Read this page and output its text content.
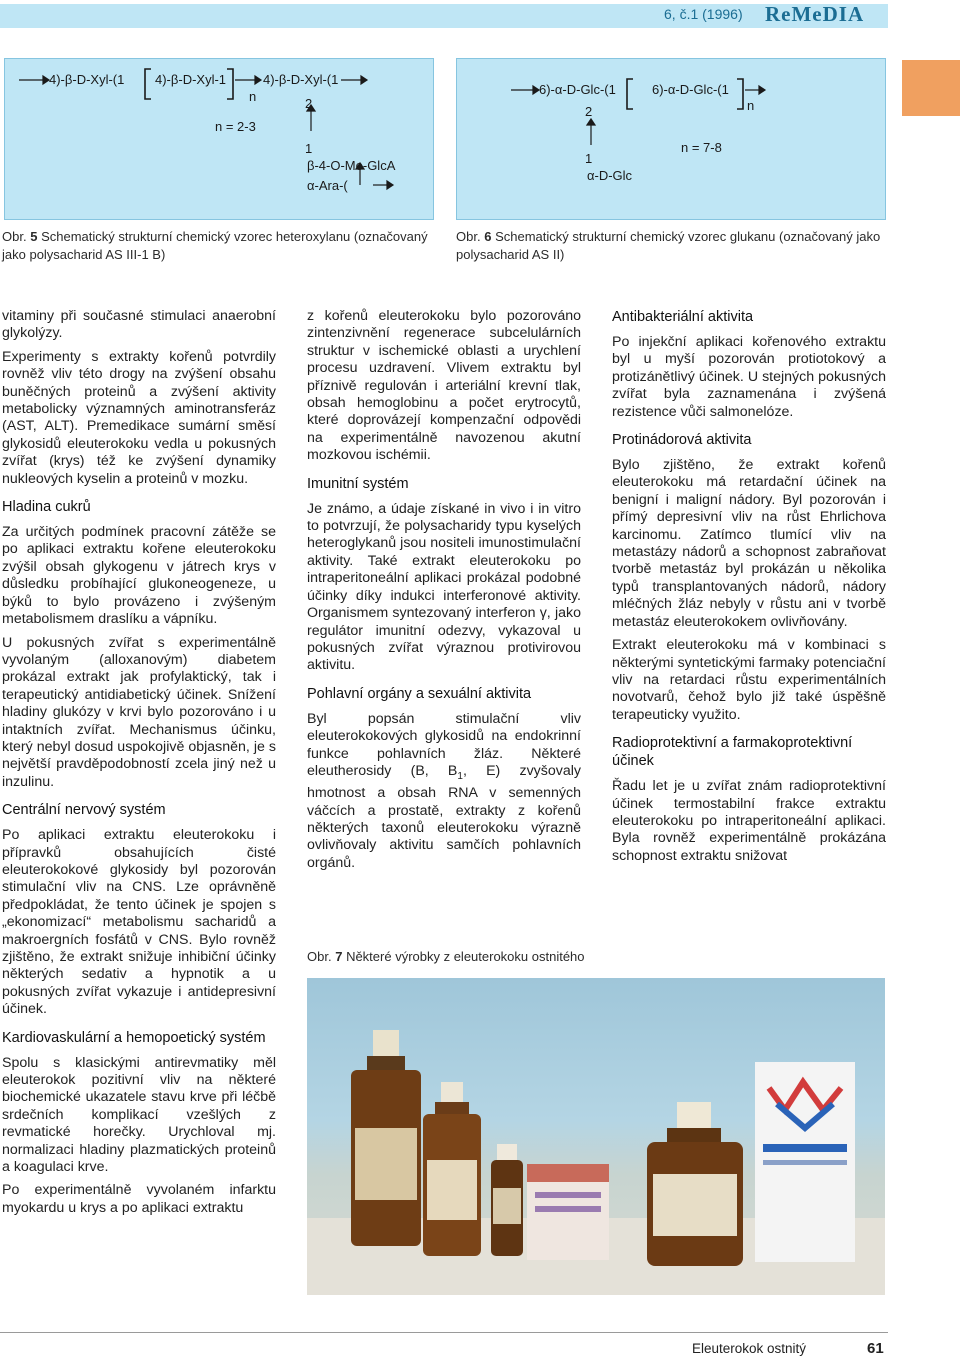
6, č.1 (1996) ReMeDIA
4)-β-D-Xyl-(1 4)-β-D-Xyl-1	4)-β-D-Xyl-(1
n	2
n = 2-3
1
β-4-O-Me-GlcA
α-Ara-(
6)-α-D-Glc-(1	6)-α-D-Glc-(1
n
2
n = 7-8
1
α-D-Glc
Obr. 5 Schematický strukturní chemický vzorec heteroxylanu (označovaný jako polysacharid AS III-1 B)
Obr. 6 Schematický strukturní chemický vzorec glukanu (označovaný jako polysacharid AS II)

vitaminy při současné stimulaci anaerobní glykolýzy.

Experimenty s extrakty kořenů potvrdily rovněž vliv této drogy na zvýšení obsahu buněčných proteinů a zvýšení aktivity metabolicky významných aminotransferáz (AST, ALT). Premedikace sumární směsí glykosidů eleuterokoku vedla u pokusných zvířat (krys) též ke zvýšení dynamiky nukleových kyselin a proteinů v mozku.

Hladina cukrů

Za určitých podmínek pracovní zátěže se po aplikaci extraktu kořene eleuterokoku zvýšil obsah glykogenu v játrech krys v důsledku probíhající glukoneogeneze, u býků to bylo provázeno i zvýšeným metabolismem draslíku a vápníku.

U pokusných zvířat s experimentálně vyvolaným (alloxanovým) diabetem prokázal extrakt jak profylaktický, tak i terapeutický antidiabetický účinek. Snížení hladiny glukózy v krvi bylo pozorováno i u intaktních zvířat. Mechanismus účinku, který nebyl dosud uspokojivě objasněn, je s největší pravděpodobností zcela jiný než u inzulinu.

Centrální nervový systém

Po aplikaci extraktu eleuterokoku i přípravků obsahujících čisté eleuterokokové glykosidy byl pozorován stimulační vliv na CNS. Lze oprávněně předpokládat, že tento účinek je spojen s „ekonomizací“ metabolismu sacharidů a makroergních fosfátů v CNS. Bylo rovněž zjištěno, že extrakt snižuje inhibiční účinky některých sedativ a hypnotik a u pokusných zvířat vykazuje i antidepresivní účinek.

Kardiovaskulární a hemopoetický systém

Spolu s klasickými antirevmatiky měl eleuterokok pozitivní vliv na některé biochemické ukazatele stavu krve při léčbě srdečních komplikací vzešlých z revmatické horečky. Urychloval mj. normalizaci hladiny plazmatických proteinů a koagulaci krve.

Po experimentálně vyvolaném infarktu myokardu u krys a po aplikaci extraktu

z kořenů eleuterokoku bylo pozorováno zintenzivnění regenerace subcelulárních struktur v ischemické oblasti a urychlení procesu uzdravení. Vlivem extraktu byl příznivě regulován i arteriální krevní tlak, obsah hemoglobinu a počet erytrocytů, které doprovázejí kompenzační odpovědi na experimentálně navozenou akutní mozkovou ischémii.

Imunitní systém

Je známo, a údaje získané in vivo i in vitro to potvrzují, že polysacharidy typu kyselých heteroglykanů jsou nositeli imunostimulační aktivity. Také extrakt eleuterokoku po intraperitoneální aplikaci prokázal podobné účinky díky indukci interferonové aktivity. Organismem syntezovaný interferon γ, jako regulátor imunitní odezvy, vykazoval u pokusných zvířat výraznou protivirovou aktivitu.

Pohlavní orgány a sexuální aktivita

Byl popsán stimulační vliv eleuterokokových glykosidů na endokrinní funkce pohlavních žláz. Některé eleutherosidy (B, $B_1$, E) zvyšovaly hmotnost a obsah RNA v semenných váčcích a prostatě, extrakty z kořenů některých taxonů eleuterokoku výrazně ovlivňovaly aktivitu samčích pohlavních orgánů.

Antibakteriální aktivita

Po injekční aplikaci kořenového extraktu byl u myší pozorován protiotokový a protizánětlivý účinek. U stejných pokusných zvířat byla zaznamenána i zvýšená rezistence vůči salmonelóze.

Protinádorová aktivita

Bylo zjištěno, že extrakt kořenů eleuterokoku má retardační účinek na benigní i maligní nádory. Byl pozorován i přímý depresivní vliv na růst Ehrlichova karcinomu. Zatímco tlumící vliv na metastázy nádorů a schopnost zabraňovat tvorbě metastáz byl prokázán u několika typů transplantovaných nádorů, nádory mléčných žláz nebyly v růstu ani v tvorbě metastáz eleuterokokem ovlivňovány.

Extrakt eleuterokoku má v kombinaci s některými syntetickými farmaky potenciační vliv na retardaci růstu experimentálních novotvarů, čehož bylo již také úspěšně terapeuticky využito.

Radioprotektivní a farmakoprotektivní účinek

Řadu let je u zvířat znám radioprotektivní účinek termostabilní frakce extraktu eleuterokoku po intraperitoneální aplikaci. Byla rovněž experimentálně prokázána schopnost extraktu snižovat

Obr. 7 Některé výrobky z eleuterokoku ostnitého
Eleuterokok ostnitý	61
